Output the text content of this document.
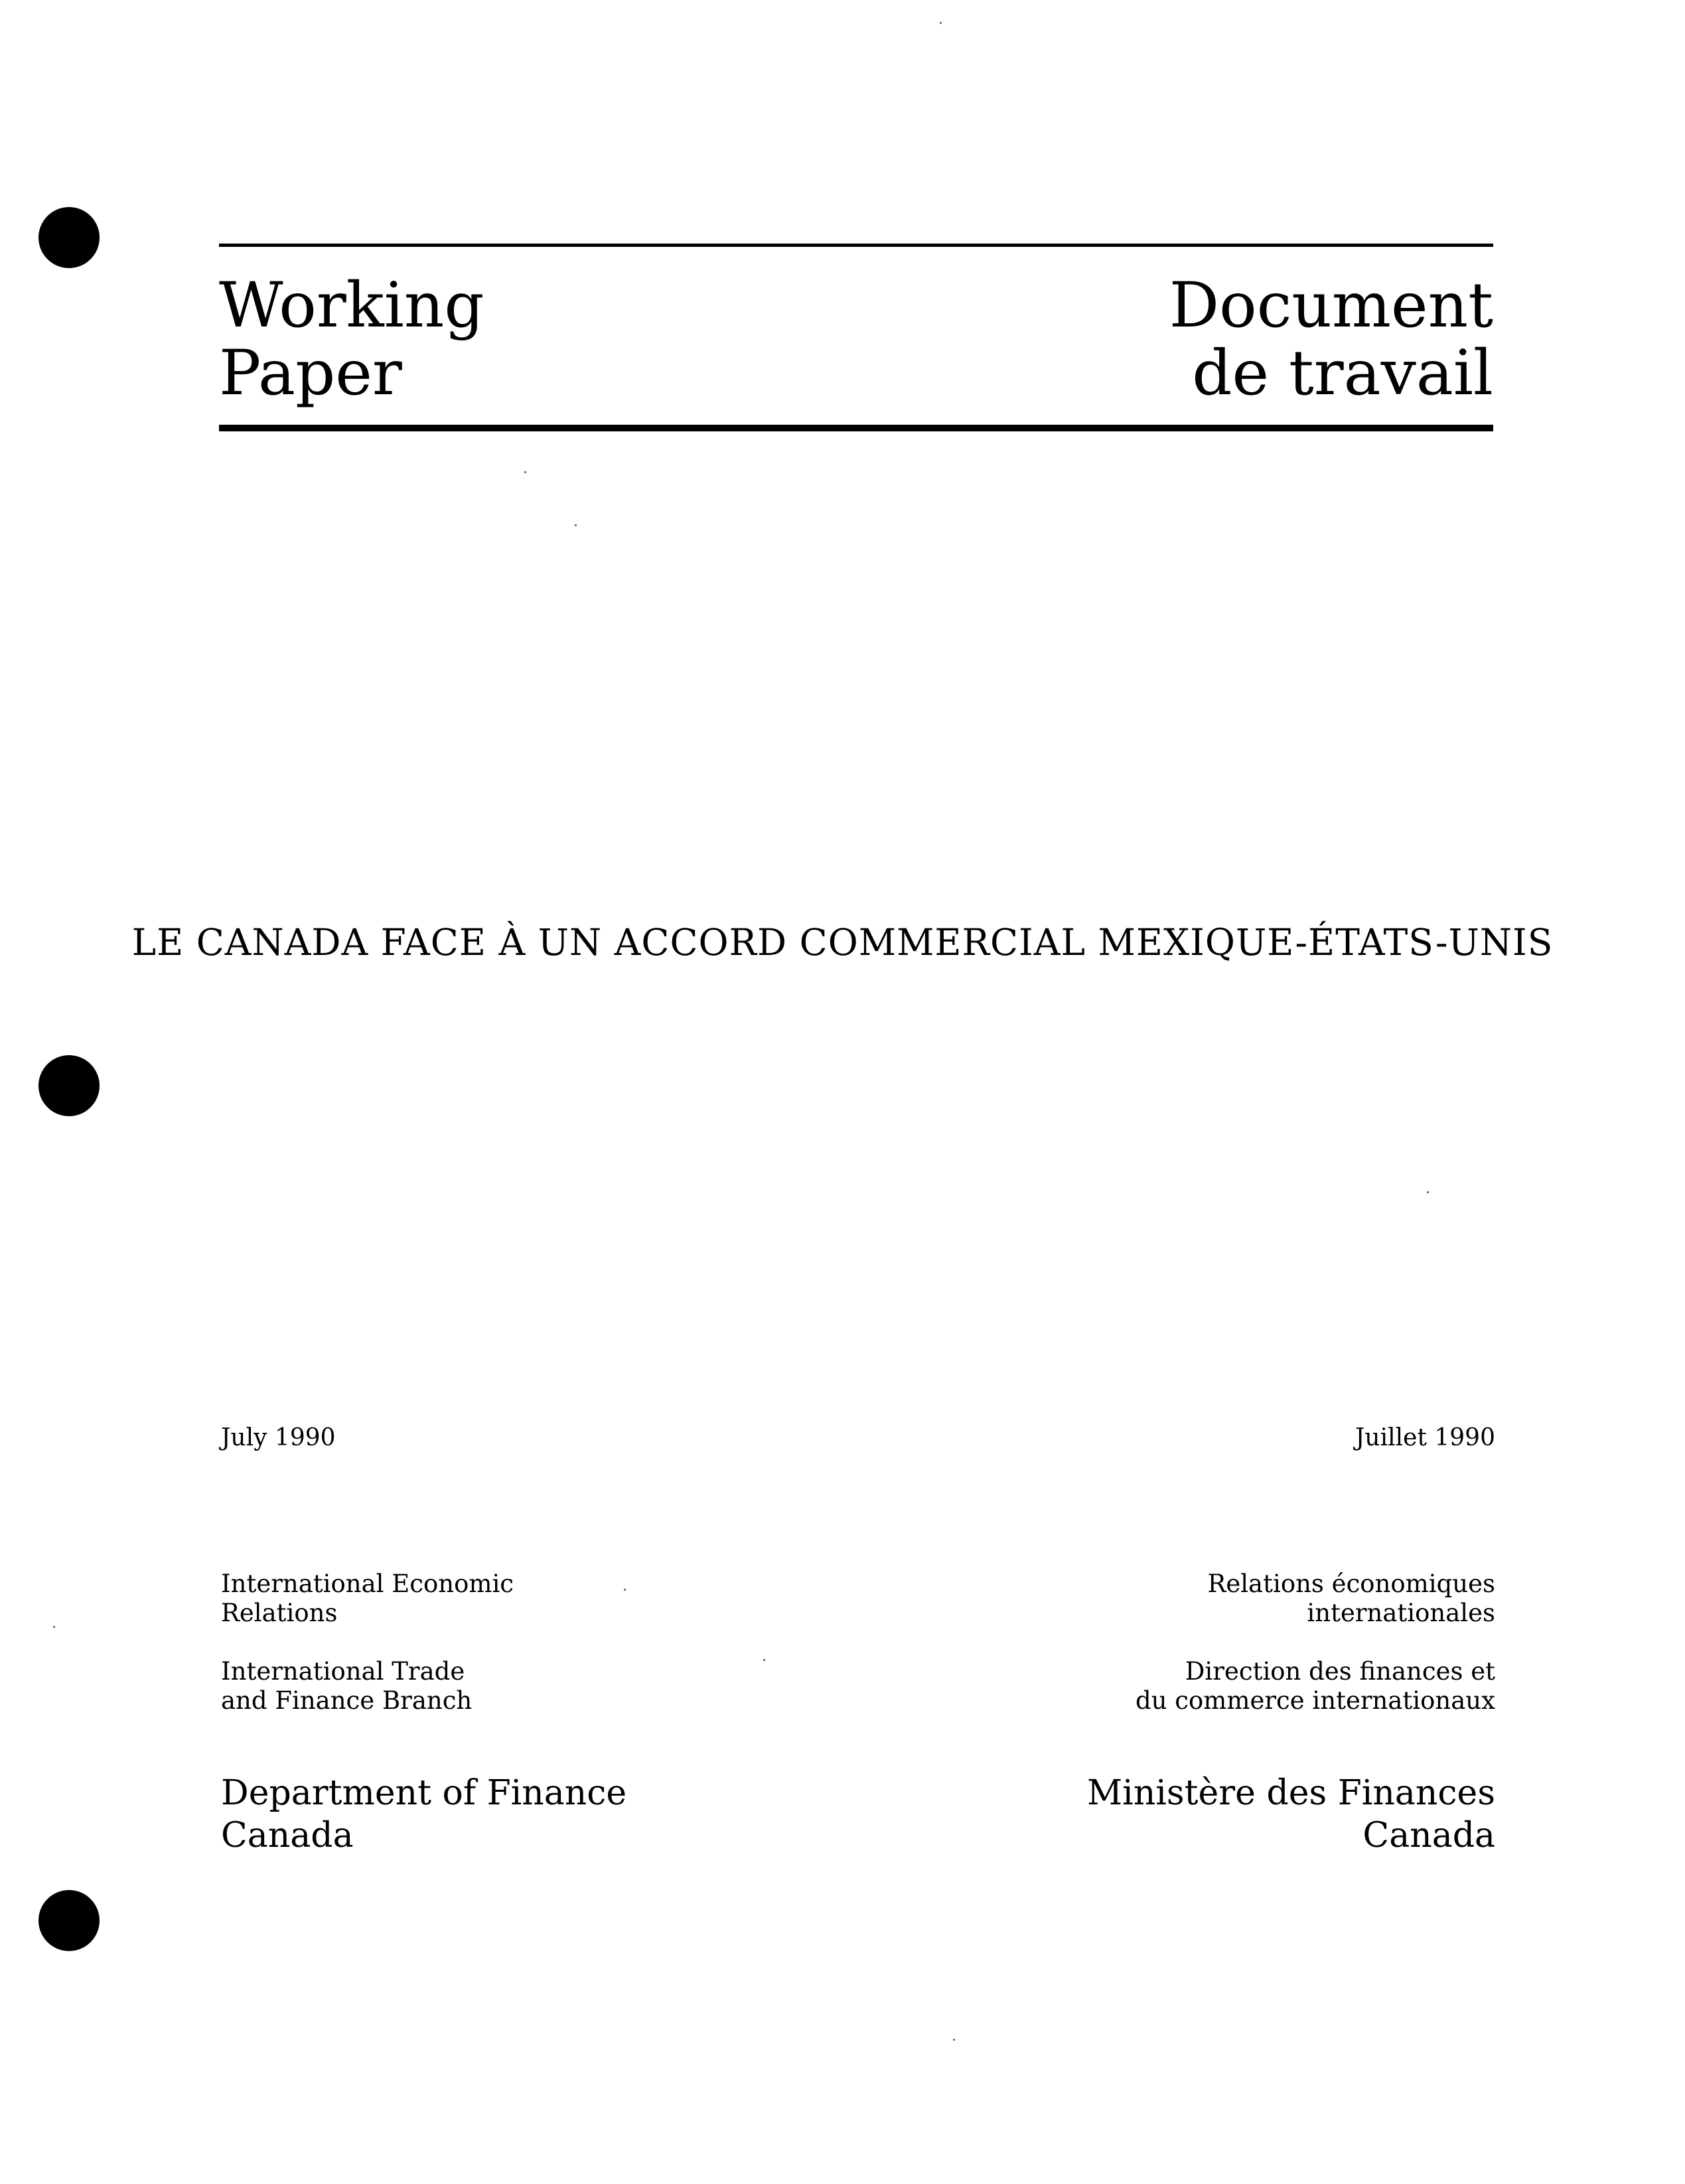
Working
Paper
Document
de travail
LE CANADA FACE À UN ACCORD COMMERCIAL MEXIQUE-ÉTATS-UNIS
July 1990	Juillet 1990
International Economic
Relations
International Trade
and Finance Branch
Department of Finance
Canada
Relations économiques
internationales
Direction des finances et
du commerce internationaux
Ministère des Finances
Canada
